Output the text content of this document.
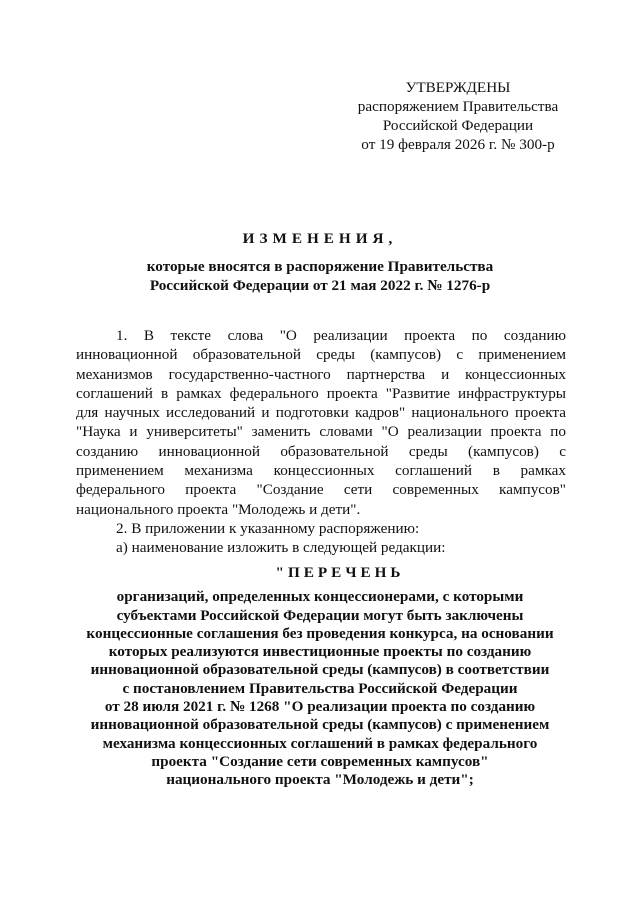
УТВЕРЖДЕНЫ
распоряжением Правительства
Российской Федерации
от 19 февраля 2026 г. № 300-р
ИЗМЕНЕНИЯ,
которые вносятся в распоряжение Правительства
Российской Федерации от 21 мая 2022 г. № 1276-р

1. В тексте слова "О реализации проекта по созданию инновационной образовательной среды (кампусов) с применением механизмов государственно-частного партнерства и концессионных соглашений в рамках федерального проекта "Развитие инфраструктуры для научных исследований и подготовки кадров" национального проекта "Наука и университеты" заменить словами "О реализации проекта по созданию инновационной образовательной среды (кампусов) с применением механизма концессионных соглашений в рамках федерального проекта "Создание сети современных кампусов" национального проекта "Молодежь и дети".

2. В приложении к указанному распоряжению:

а) наименование изложить в следующей редакции:

"ПЕРЕЧЕНЬ
организаций, определенных концессионерами, с которыми
субъектами Российской Федерации могут быть заключены
концессионные соглашения без проведения конкурса, на основании
которых реализуются инвестиционные проекты по созданию
инновационной образовательной среды (кампусов) в соответствии
с постановлением Правительства Российской Федерации
от 28 июля 2021 г. № 1268 "О реализации проекта по созданию
инновационной образовательной среды (кампусов) с применением
механизма концессионных соглашений в рамках федерального
проекта "Создание сети современных кампусов"
национального проекта "Молодежь и дети";
